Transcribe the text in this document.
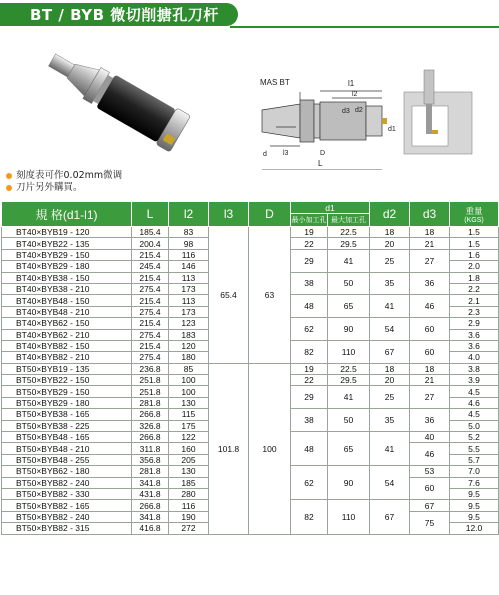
BT / BYB 微切削搪孔刀杆
MAS BT	l1
l2
d2
d3
d1
d l3	D
L
刻度表可作0.02mm微调
刀片另外購買。
規 格(d1-l1)	L	l2	l3	D	d1		d2	d3	重量
(KGS)

					最小加工孔	最大加工孔			
BT40×BYB19 - 120	185.4	83	65.4	63	19	22.5	18	18	1.5
BT40×BYB22 - 135	200.4	98			22	29.5	20	21	1.5
BT40×BYB29 - 150	215.4	116			29	41	25	27	1.6
BT40×BYB29 - 180	245.4	146							2.0
BT40×BYB38 - 150	215.4	113			38	50	35	36	1.8
BT40×BYB38 - 210	275.4	173							2.2
BT40×BYB48 - 150	215.4	113			48	65	41	46	2.1
BT40×BYB48 - 210	275.4	173							2.3
BT40×BYB62 - 150	215.4	123			62	90	54	60	2.9
BT40×BYB62 - 210	275.4	183							3.6
BT40×BYB82 - 150	215.4	120			82	110	67	60	3.6
BT40×BYB82 - 210	275.4	180							4.0
BT50×BYB19 - 135	236.8	85	101.8	100	19	22.5	18	18	3.8
BT50×BYB22 - 150	251.8	100			22	29.5	20	21	3.9
BT50×BYB29 - 150	251.8	100			29	41	25	27	4.5
BT50×BYB29 - 180	281.8	130							4.6
BT50×BYB38 - 165	266.8	115			38	50	35	36	4.5
BT50×BYB38 - 225	326.8	175							5.0
BT50×BYB48 - 165	266.8	122			48	65	41	40	5.2
BT50×BYB48 - 210	311.8	160						46	5.5
BT50×BYB48 - 255	356.8	205							5.7
BT50×BYB62 - 180	281.8	130			62	90	54	53	7.0
BT50×BYB82 - 240	341.8	185						60	7.6
BT50×BYB82 - 330	431.8	280							9.5
BT50×BYB82 - 165	266.8	116			82	110	67	67	9.5
BT50×BYB82 - 240	341.8	190						75	9.5
BT50×BYB82 - 315	416.8	272							12.0
